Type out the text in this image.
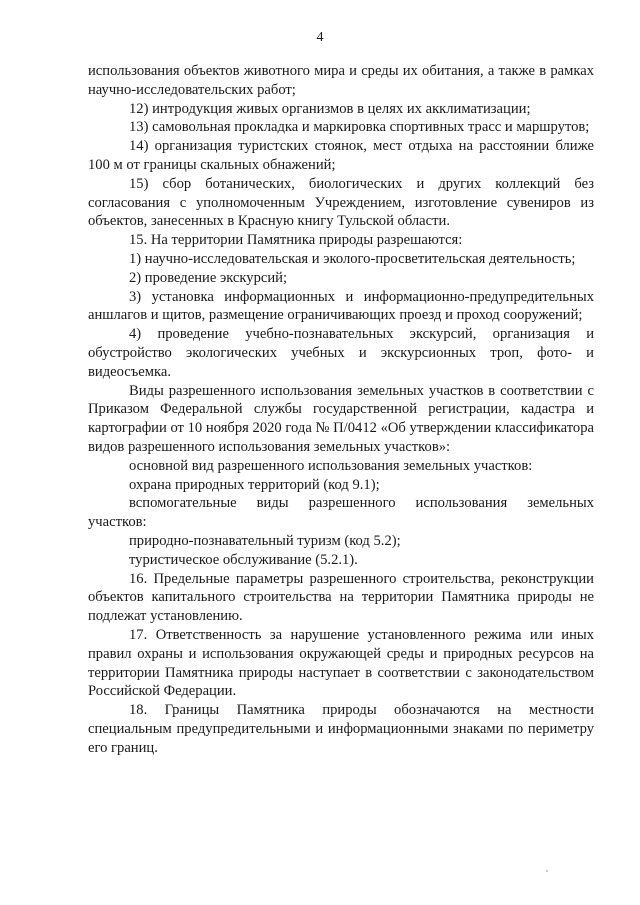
4

использования объектов животного мира и среды их обитания, а также в рамках научно-исследовательских работ;

12) интродукция живых организмов в целях их акклиматизации;

13) самовольная прокладка и маркировка спортивных трасс и маршрутов;

14) организация туристских стоянок, мест отдыха на расстоянии ближе 100 м от границы скальных обнажений;

15) сбор ботанических, биологических и других коллекций без согласования с уполномоченным Учреждением, изготовление сувениров из объектов, занесенных в Красную книгу Тульской области.

15. На территории Памятника природы разрешаются:

1) научно-исследовательская и эколого-просветительская деятельность;

2) проведение экскурсий;

3) установка информационных и информационно-предупредительных аншлагов и щитов, размещение ограничивающих проезд и проход сооружений;

4) проведение учебно-познавательных экскурсий, организация и обустройство экологических учебных и экскурсионных троп, фото- и видеосъемка.

Виды разрешенного использования земельных участков в соответствии с Приказом Федеральной службы государственной регистрации, кадастра и картографии от 10 ноября 2020 года № П/0412 «Об утверждении классификатора видов разрешенного использования земельных участков»:

основной вид разрешенного использования земельных участков:

охрана природных территорий (код 9.1);

вспомогательные виды разрешенного использования земельных

участков:

природно-познавательный туризм (код 5.2);

туристическое обслуживание (5.2.1).

16. Предельные параметры разрешенного строительства, реконструкции объектов капитального строительства на территории Памятника природы не подлежат установлению.

17. Ответственность за нарушение установленного режима или иных правил охраны и использования окружающей среды и природных ресурсов на территории Памятника природы наступает в соответствии с законодательством Российской Федерации.

18. Границы Памятника природы обозначаются на местности специальным предупредительными и информационными знаками по периметру его границ.
